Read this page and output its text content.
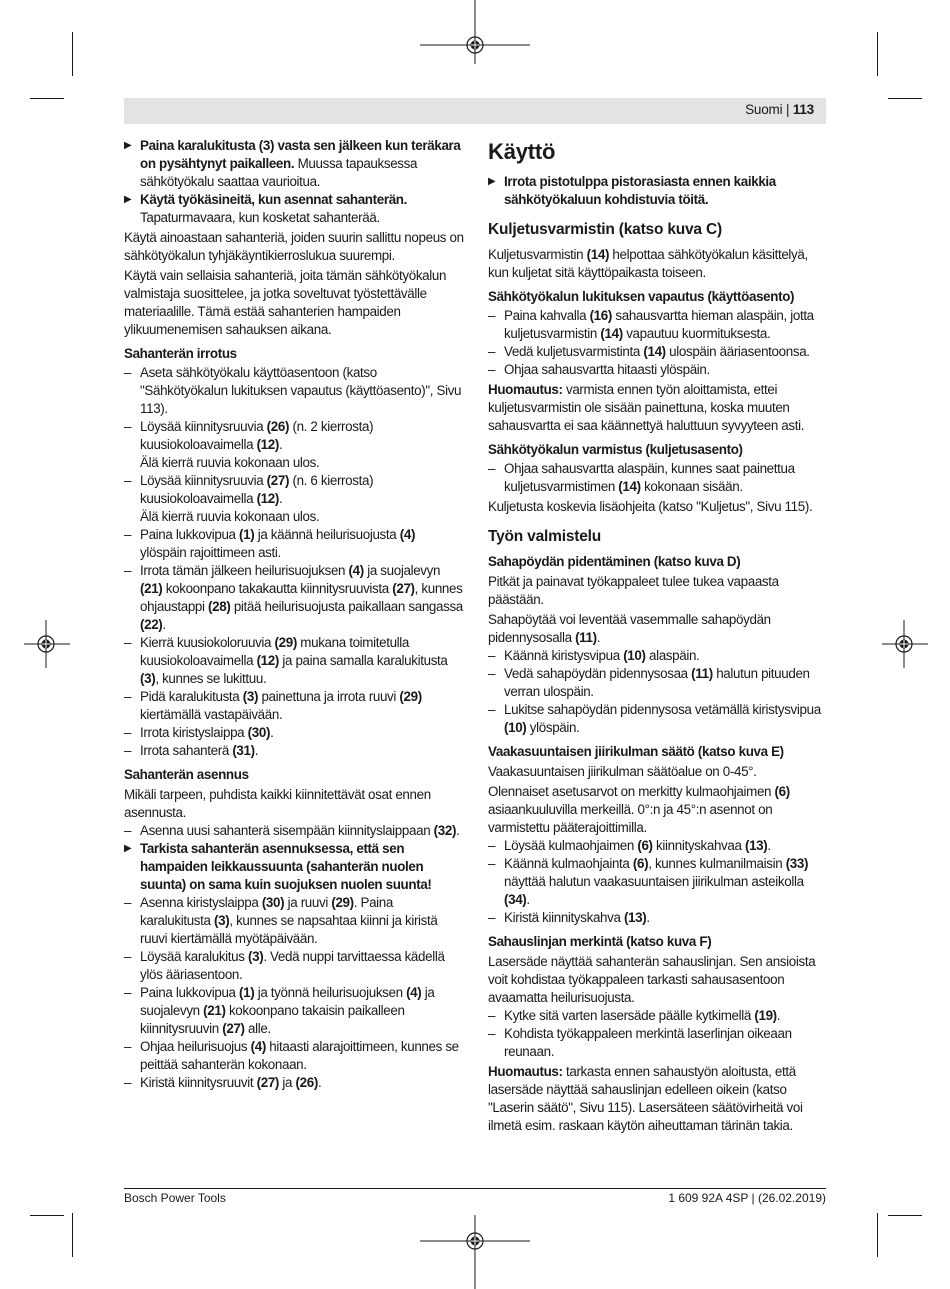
Suomi | 113

▶ Paina karalukitusta (3) vasta sen jälkeen kun teräkara on pysähtynyt paikalleen. Muussa tapauksessa sähkötyökalu saattaa vaurioitua.

▶ Käytä työkäsineitä, kun asennat sahanterän. Tapaturmavaara, kun kosketat sahanterää.

Käytä ainoastaan sahanteriä, joiden suurin sallittu nopeus on sähkötyökalun tyhjäkäyntikierroslukua suurempi.

Käytä vain sellaisia sahanteriä, joita tämän sähkötyökalun valmistaja suosittelee, ja jotka soveltuvat työstettävälle materiaalille. Tämä estää sahanterien hampaiden ylikuumenemisen sahauksen aikana.

Sahanterän irrotus

– Aseta sähkötyökalu käyttöasentoon (katso "Sähkötyökalun lukituksen vapautus (käyttöasento)", Sivu 113).

– Löysää kiinnitysruuvia (26) (n. 2 kierrosta) kuusiokoloavaimella (12).
Älä kierrä ruuvia kokonaan ulos.

– Löysää kiinnitysruuvia (27) (n. 6 kierrosta) kuusiokoloavaimella (12).
Älä kierrä ruuvia kokonaan ulos.

– Paina lukkovipua (1) ja käännä heilurisuojusta (4) ylöspäin rajoittimeen asti.

– Irrota tämän jälkeen heilurisuojuksen (4) ja suojalevyn (21) kokoonpano takakautta kiinnitysruuvista (27), kunnes ohjaustappi (28) pitää heilurisuojusta paikallaan sangassa (22).

– Kierrä kuusiokoloruuvia (29) mukana toimitetulla kuusiokoloavaimella (12) ja paina samalla karalukitusta (3), kunnes se lukittuu.

– Pidä karalukitusta (3) painettuna ja irrota ruuvi (29) kiertämällä vastapäivään.

– Irrota kiristyslaippa (30).

– Irrota sahanterä (31).

Sahanterän asennus

Mikäli tarpeen, puhdista kaikki kiinnitettävät osat ennen asennusta.

– Asenna uusi sahanterä sisempään kiinnityslaippaan (32).

▶ Tarkista sahanterän asennuksessa, että sen hampaiden leikkaussuunta (sahanterän nuolen suunta) on sama kuin suojuksen nuolen suunta!

– Asenna kiristyslaippa (30) ja ruuvi (29). Paina karalukitusta (3), kunnes se napsahtaa kiinni ja kiristä ruuvi kiertämällä myötäpäivään.

– Löysää karalukitus (3). Vedä nuppi tarvittaessa kädellä ylös ääriasentoon.

– Paina lukkovipua (1) ja työnnä heilurisuojuksen (4) ja suojalevyn (21) kokoonpano takaisin paikalleen kiinnitysruuvin (27) alle.

– Ohjaa heilurisuojus (4) hitaasti alarajoittimeen, kunnes se peittää sahanterän kokonaan.

– Kiristä kiinnitysruuvit (27) ja (26).

Käyttö

▶ Irrota pistotulppa pistorasiasta ennen kaikkia sähkötyökaluun kohdistuvia töitä.

Kuljetusvarmistin (katso kuva C)

Kuljetusvarmistin (14) helpottaa sähkötyökalun käsittelyä, kun kuljetat sitä käyttöpaikasta toiseen.

Sähkötyökalun lukituksen vapautus (käyttöasento)

– Paina kahvalla (16) sahausvartta hieman alaspäin, jotta kuljetusvarmistin (14) vapautuu kuormituksesta.

– Vedä kuljetusvarmistinta (14) ulospäin ääriasentoonsa.

– Ohjaa sahausvartta hitaasti ylöspäin.

Huomautus: varmista ennen työn aloittamista, ettei kuljetusvarmistin ole sisään painettuna, koska muuten sahausvartta ei saa käännettyä haluttuun syvyyteen asti.

Sähkötyökalun varmistus (kuljetusasento)

– Ohjaa sahausvartta alaspäin, kunnes saat painettua kuljetusvarmistimen (14) kokonaan sisään.

Kuljetusta koskevia lisäohjeita (katso "Kuljetus", Sivu 115).

Työn valmistelu

Sahapöydän pidentäminen (katso kuva D)

Pitkät ja painavat työkappaleet tulee tukea vapaasta päästään.

Sahapöytää voi leventää vasemmalle sahapöydän pidennysosalla (11).

– Käännä kiristysvipua (10) alaspäin.

– Vedä sahapöydän pidennysosaa (11) halutun pituuden verran ulospäin.

– Lukitse sahapöydän pidennysosa vetämällä kiristysvipua (10) ylöspäin.

Vaakasuuntaisen jiirikulman säätö (katso kuva E)

Vaakasuuntaisen jiirikulman säätöalue on 0-45°.

Olennaiset asetusarvot on merkitty kulmaohjaimen (6) asiaankuuluvilla merkeillä. 0°:n ja 45°:n asennot on varmistettu pääterajoittimilla.

– Löysää kulmaohjaimen (6) kiinnityskahvaa (13).

– Käännä kulmaohjainta (6), kunnes kulmanilmaisin (33) näyttää halutun vaakasuuntaisen jiirikulman asteikolla (34).

– Kiristä kiinnityskahva (13).

Sahauslinjan merkintä (katso kuva F)

Lasersäde näyttää sahanterän sahauslinjan. Sen ansioista voit kohdistaa työkappaleen tarkasti sahausasentoon avaamatta heilurisuojusta.

– Kytke sitä varten lasersäde päälle kytkimellä (19).

– Kohdista työkappaleen merkintä laserlinjan oikeaan reunaan.

Huomautus: tarkasta ennen sahaustyön aloitusta, että lasersäde näyttää sahauslinjan edelleen oikein (katso "Laserin säätö", Sivu 115). Lasersäteen säätövirheitä voi ilmetä esim. raskaan käytön aiheuttaman tärinän takia.

Bosch Power Tools	1 609 92A 4SP | (26.02.2019)
